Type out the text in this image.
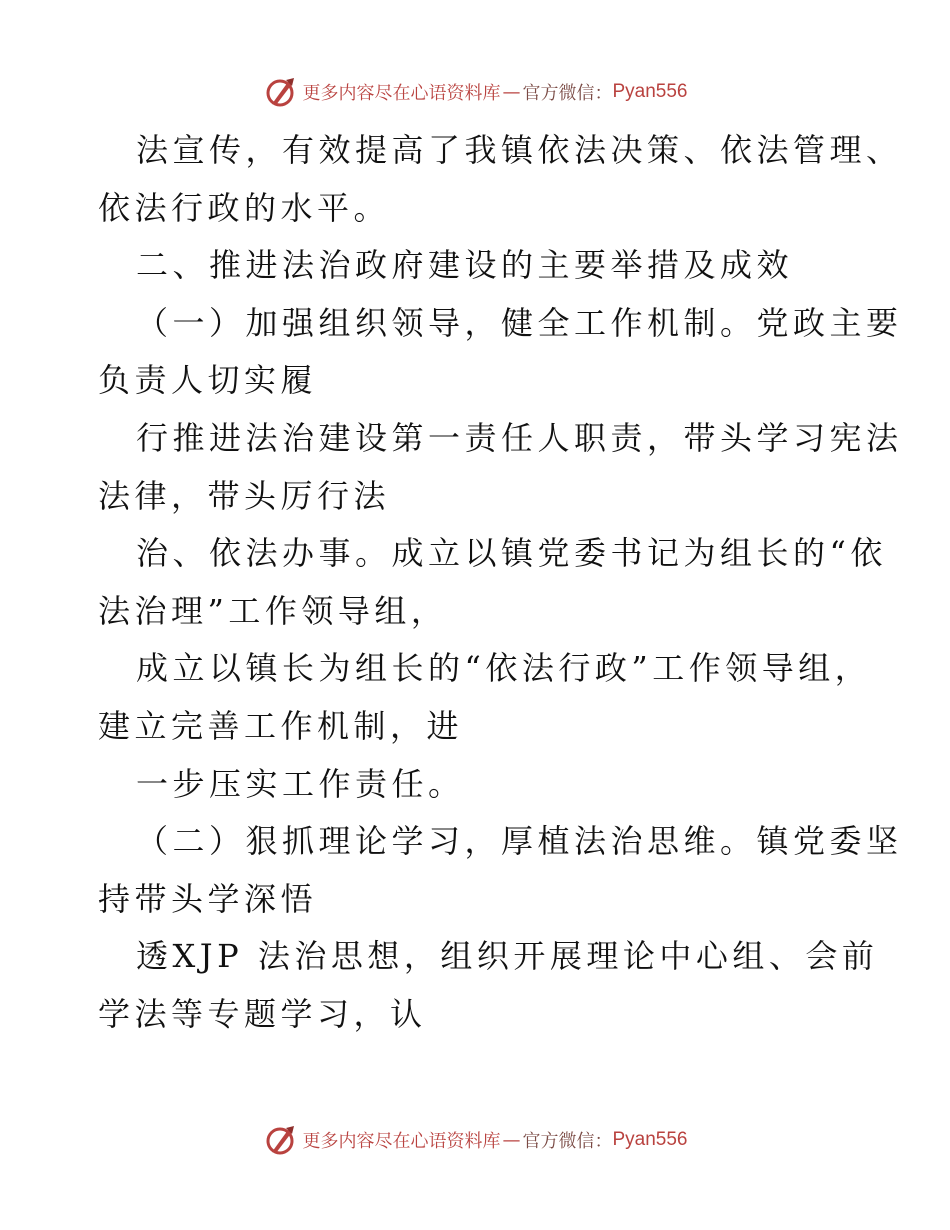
更多内容尽在心语资料库 — 官方微信： Pyan556
法宣传，有效提高了我镇依法决策、依法管理、
依法行政的水平。
二、推进法治政府建设的主要举措及成效
（一）加强组织领导，健全工作机制。党政主要
负责人切实履
行推进法治建设第一责任人职责，带头学习宪法
法律，带头厉行法
治、依法办事。成立以镇党委书记为组长的“依
法治理”工作领导组，
成立以镇长为组长的“依法行政”工作领导组，
建立完善工作机制，进
一步压实工作责任。
（二）狠抓理论学习，厚植法治思维。镇党委坚
持带头学深悟
透XJP 法治思想，组织开展理论中心组、会前
学法等专题学习，认
更多内容尽在心语资料库 — 官方微信： Pyan556
